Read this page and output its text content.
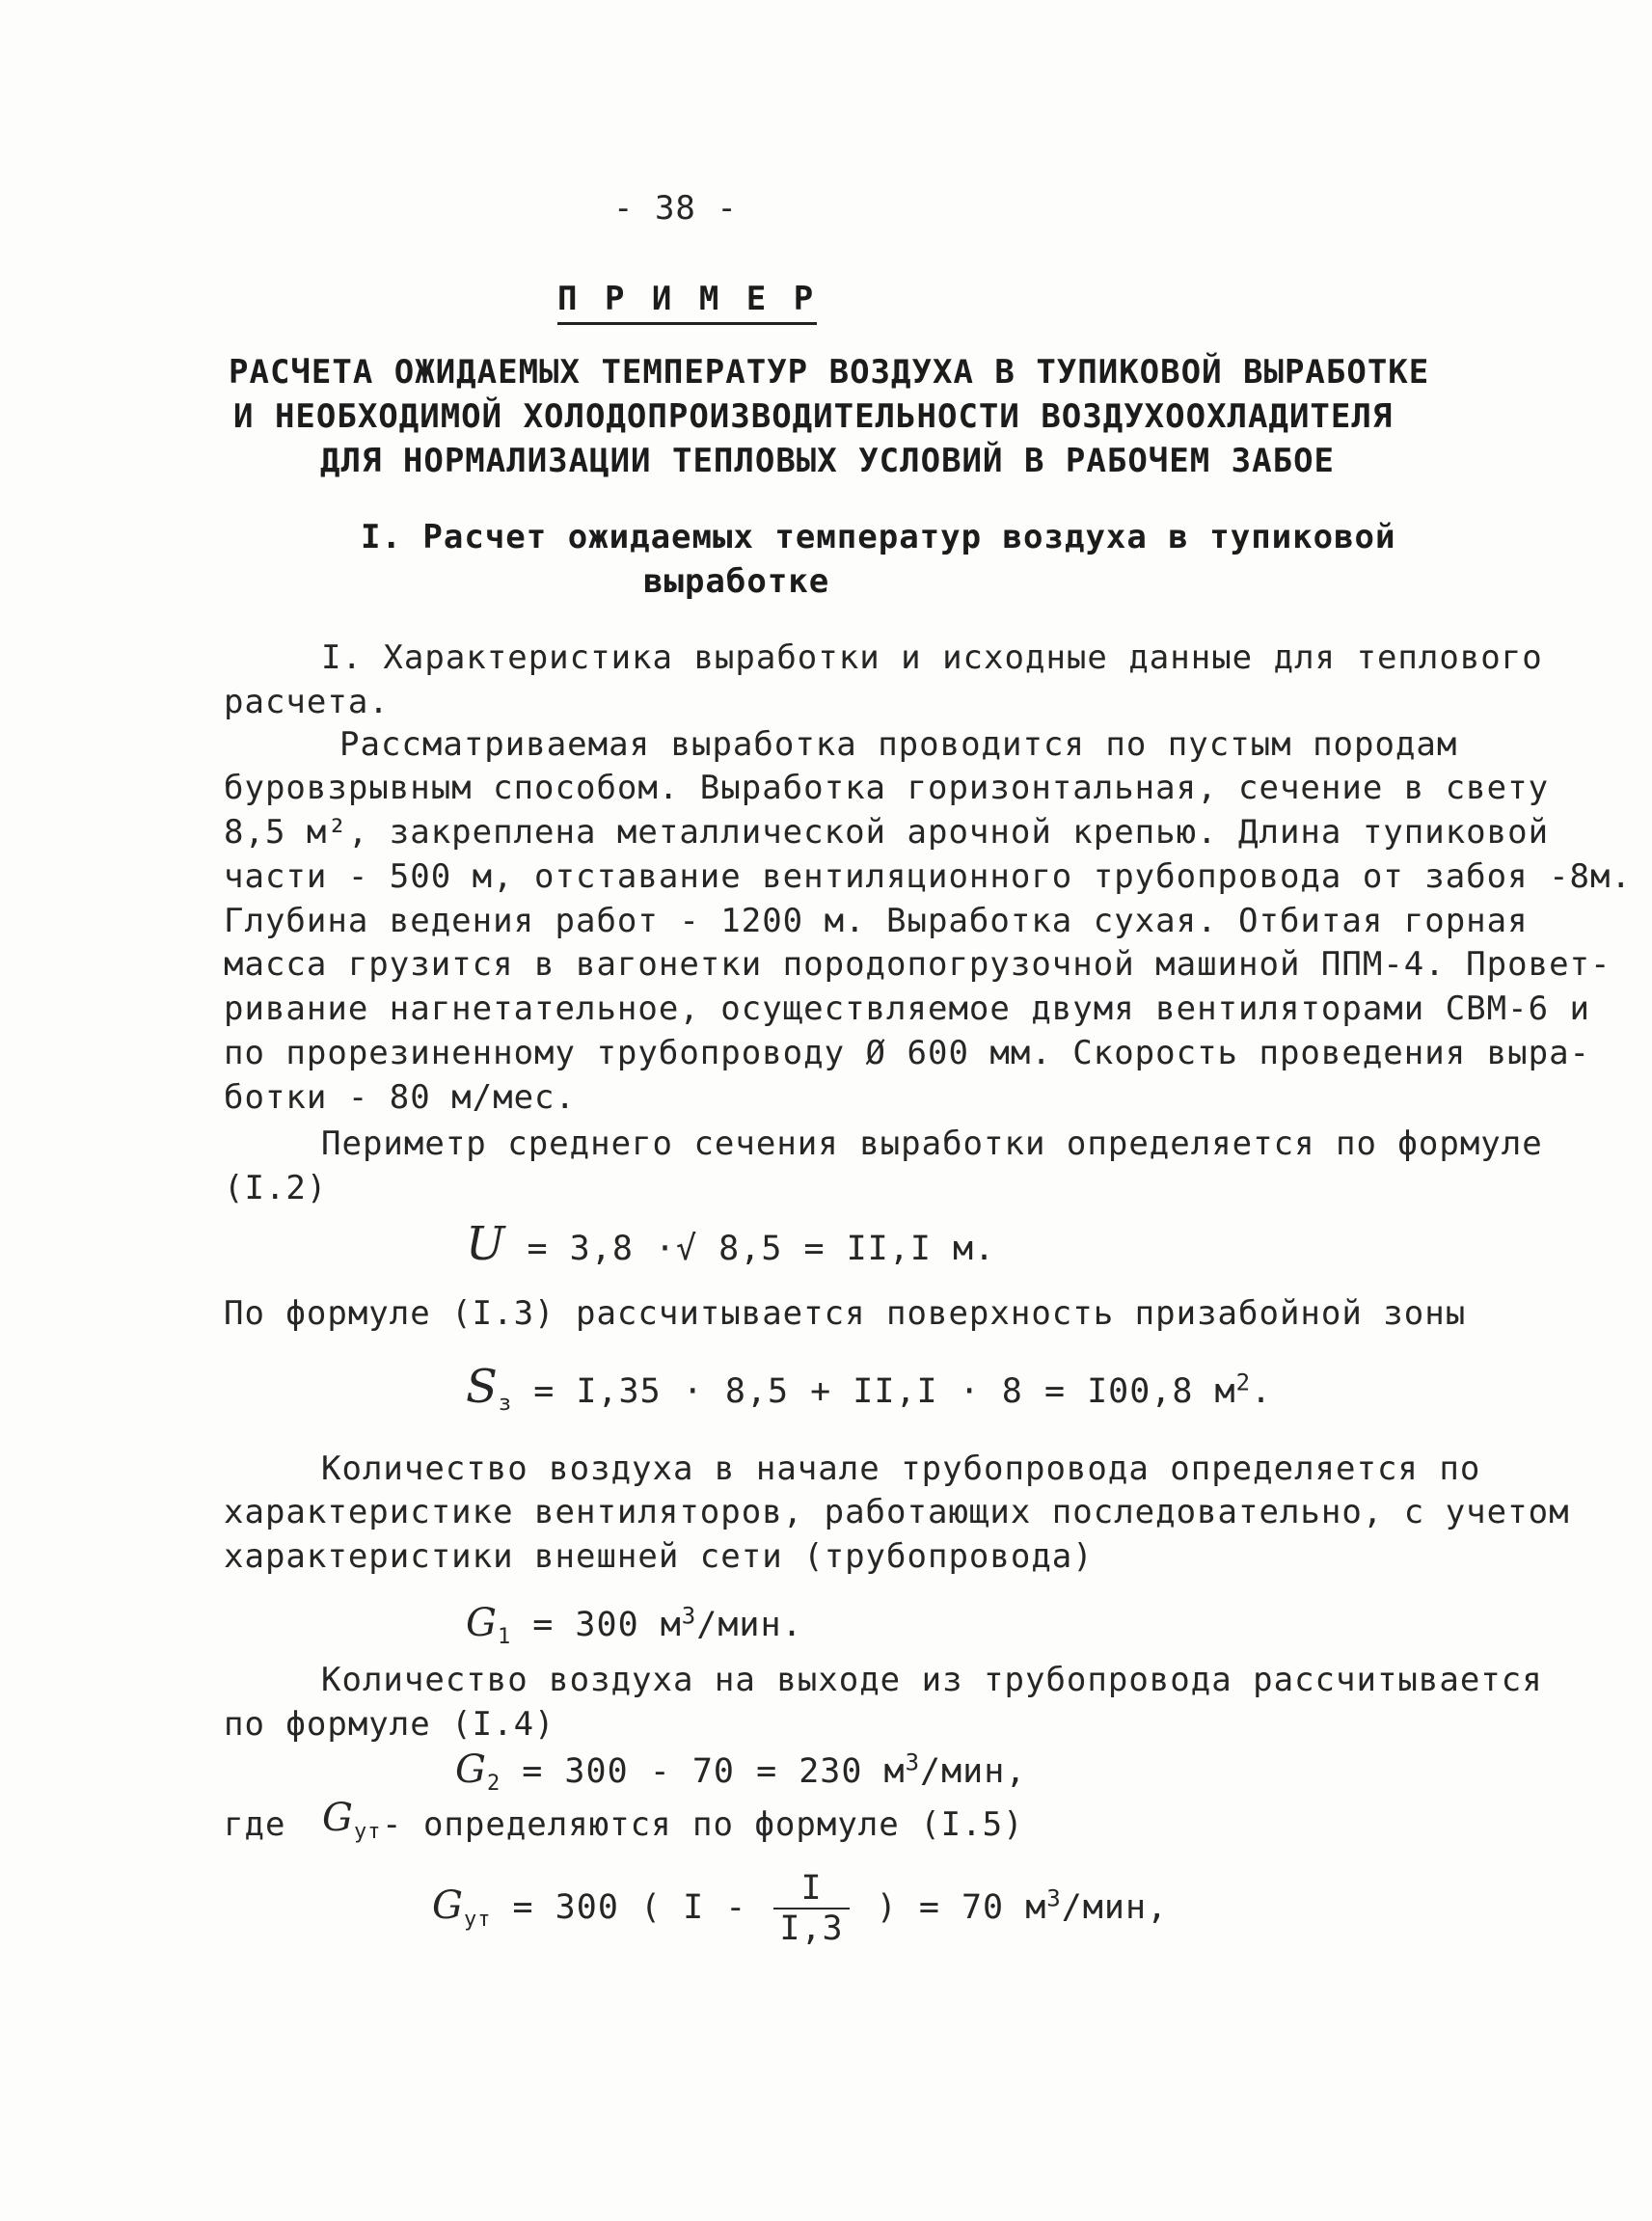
- 38 -
П Р И М Е Р
РАСЧЕТА ОЖИДАЕМЫХ ТЕМПЕРАТУР ВОЗДУХА В ТУПИКОВОЙ ВЫРАБОТКЕ
И НЕОБХОДИМОЙ ХОЛОДОПРОИЗВОДИТЕЛЬНОСТИ ВОЗДУХООХЛАДИТЕЛЯ
ДЛЯ НОРМАЛИЗАЦИИ ТЕПЛОВЫХ УСЛОВИЙ В РАБОЧЕМ ЗАБОЕ
I. Расчет ожидаемых температур воздуха в тупиковой
выработке
I. Характеристика выработки и исходные данные для теплового
расчета.
Рассматриваемая выработка проводится по пустым породам
буровзрывным способом. Выработка горизонтальная, сечение в свету
8,5 м², закреплена металлической арочной крепью. Длина тупиковой
части - 500 м, отставание вентиляционного трубопровода от забоя -8м.
Глубина ведения работ - 1200 м. Выработка сухая. Отбитая горная
масса грузится в вагонетки породопогрузочной машиной ППМ-4. Провет-
ривание нагнетательное, осуществляемое двумя вентиляторами СВМ-6 и
по прорезиненному трубопроводу Ø 600 мм. Скорость проведения выра-
ботки - 80 м/мес.
Периметр среднего сечения выработки определяется по формуле
(I.2)
U = 3,8 ·√ 8,5 = II,I м.
По формуле (I.3) рассчитывается поверхность призабойной зоны
$S_з = I,35 \cdot 8,5 + II,I \cdot 8 = I00,8$ $м^2$.
Количество воздуха в начале трубопровода определяется по
характеристике вентиляторов, работающих последовательно, с учетом
характеристики внешней сети (трубопровода)
$G_1 = 300$ $м^3$/мин.
Количество воздуха на выходе из трубопровода рассчитывается
по формуле (I.4)
$G_2 = 300 - 70 = 230$ $м^3$/мин,
где $G_{ут}$ - определяются по формуле (I.5)
$G_{ут} = 300$ ( I - $\frac{I}{I,3}$ ) = 70 $м^3$/мин,
